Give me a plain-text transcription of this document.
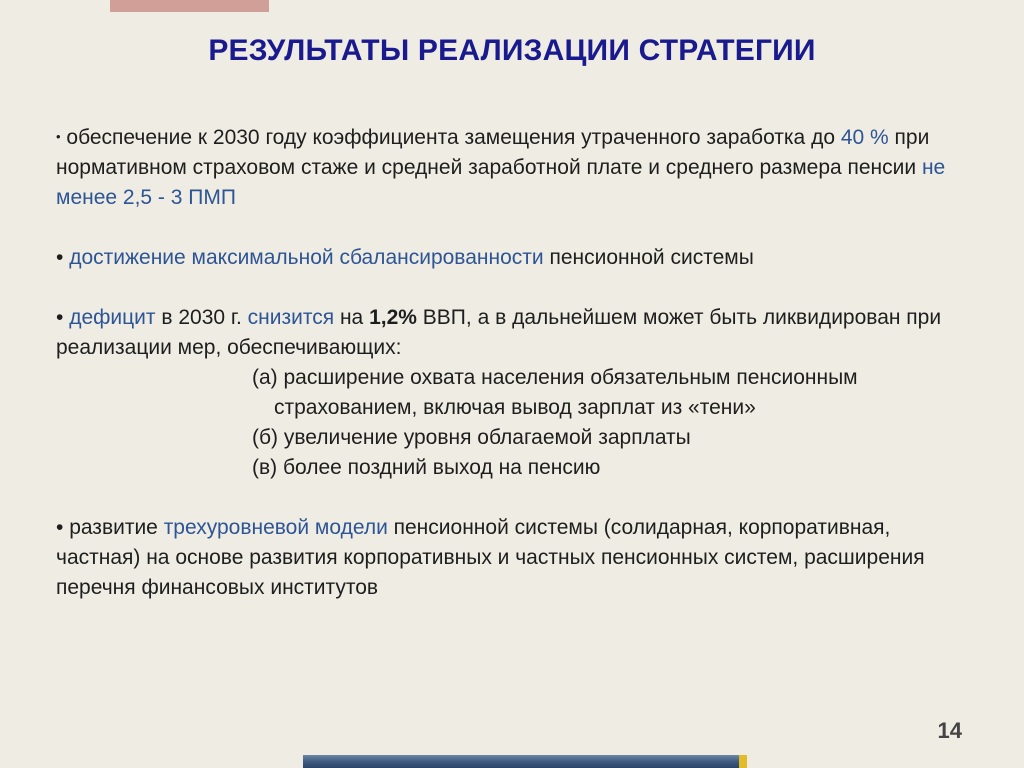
РЕЗУЛЬТАТЫ РЕАЛИЗАЦИИ СТРАТЕГИИ

• обеспечение к 2030 году коэффициента замещения утраченного заработка до 40 % при нормативном страховом стаже и средней заработной плате и среднего размера пенсии не менее 2,5 - 3 ПМП

• достижение максимальной сбалансированности пенсионной системы

• дефицит в 2030 г. снизится на 1,2% ВВП, а в дальнейшем может быть ликвидирован при реализации мер, обеспечивающих:

(а) расширение охвата населения обязательным пенсионным страхованием, включая вывод зарплат из «тени»

(б) увеличение уровня облагаемой зарплаты

(в) более поздний выход на пенсию

• развитие трехуровневой модели пенсионной системы (солидарная, корпоративная, частная) на основе развития корпоративных и частных пенсионных систем, расширения перечня финансовых институтов

14
